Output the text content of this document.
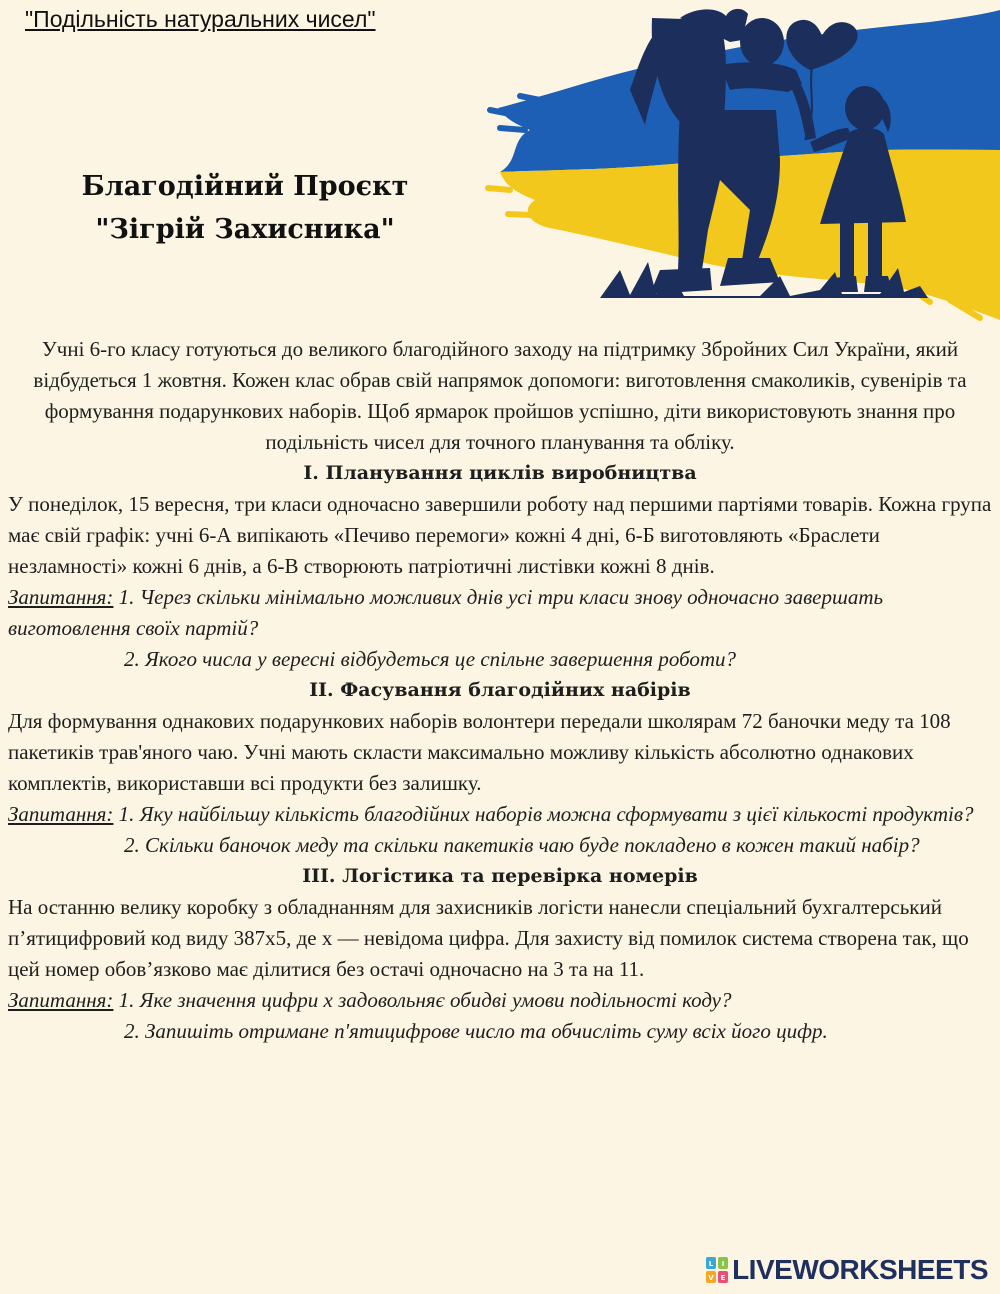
"Подільність натуральних чисел"

Благодійний Проєкт
"Зігрій Захисника"

Учні 6-го класу готуються до великого благодійного заходу на підтримку Збройних Сил України, який відбудеться 1 жовтня. Кожен клас обрав свій напрямок допомоги: виготовлення смаколиків, сувенірів та формування подарункових наборів. Щоб ярмарок пройшов успішно, діти використовують знання про подільність чисел для точного планування та обліку.

І. Планування циклів виробництва

У понеділок, 15 вересня, три класи одночасно завершили роботу над першими партіями товарів. Кожна група має свій графік: учні 6-А випікають «Печиво перемоги» кожні 4 дні, 6-Б виготовляють «Браслети незламності» кожні 6 днів, а 6-В створюють патріотичні листівки кожні 8 днів.

Запитання: 1. Через скільки мінімально можливих днів усі три класи знову одночасно завершать виготовлення своїх партій?

2. Якого числа у вересні відбудеться це спільне завершення роботи?

ІІ. Фасування благодійних набірів

Для формування однакових подарункових наборів волонтери передали школярам 72 баночки меду та 108 пакетиків трав'яного чаю. Учні мають скласти максимально можливу кількість абсолютно однакових комплектів, використавши всі продукти без залишку.

Запитання: 1. Яку найбільшу кількість благодійних наборів можна сформувати з цієї кількості продуктів?

2. Скільки баночок меду та скільки пакетиків чаю буде покладено в кожен такий набір?

ІІІ. Логістика та перевірка номерів

На останню велику коробку з обладнанням для захисників логісти нанесли спеціальний бухгалтерський п’ятицифровий код виду 387х5, де х — невідома цифра. Для захисту від помилок система створена так, що цей номер обов’язково має ділитися без остачі одночасно на 3 та на 11.

Запитання: 1. Яке значення цифри х задовольняє обидві умови подільності коду?

2. Запишіть отримане п'ятицифрове число та обчисліть суму всіх його цифр.

L I
V E LIVEWORKSHEETS
